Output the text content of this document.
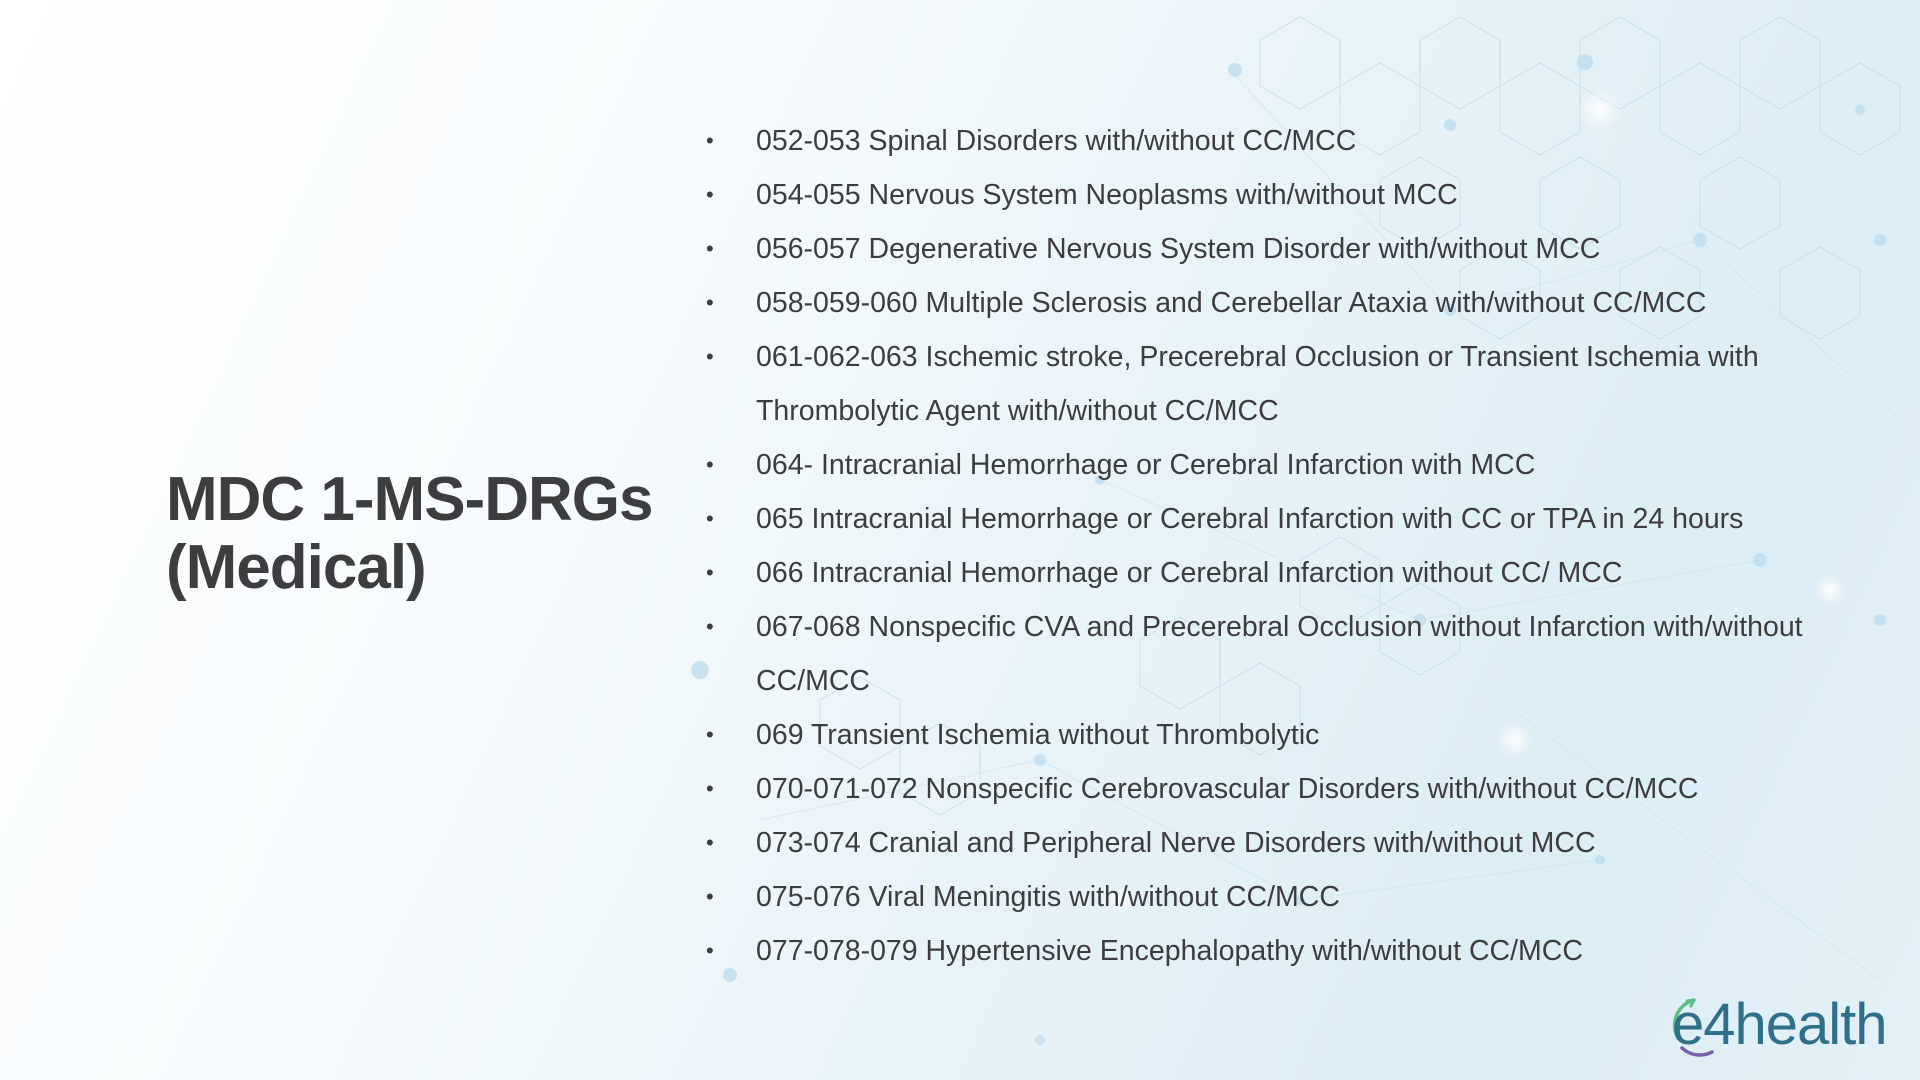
MDC 1-MS-DRGs (Medical)
• 052-053 Spinal Disorders with/without CC/MCC
• 054-055 Nervous System Neoplasms with/without MCC
• 056-057 Degenerative Nervous System Disorder with/without MCC
• 058-059-060 Multiple Sclerosis and Cerebellar Ataxia with/without CC/MCC
• 061-062-063 Ischemic stroke, Precerebral Occlusion or Transient Ischemia with Thrombolytic Agent with/without CC/MCC
• 064- Intracranial Hemorrhage or Cerebral Infarction with MCC
• 065 Intracranial Hemorrhage or Cerebral Infarction with CC or TPA in 24 hours
• 066 Intracranial Hemorrhage or Cerebral Infarction without CC/ MCC
• 067-068 Nonspecific CVA and Precerebral Occlusion without Infarction with/without CC/MCC
• 069 Transient Ischemia without Thrombolytic
• 070-071-072 Nonspecific Cerebrovascular Disorders with/without CC/MCC
• 073-074 Cranial and Peripheral Nerve Disorders with/without MCC
• 075-076 Viral Meningitis with/without CC/MCC
• 077-078-079 Hypertensive Encephalopathy with/without CC/MCC
e4health
